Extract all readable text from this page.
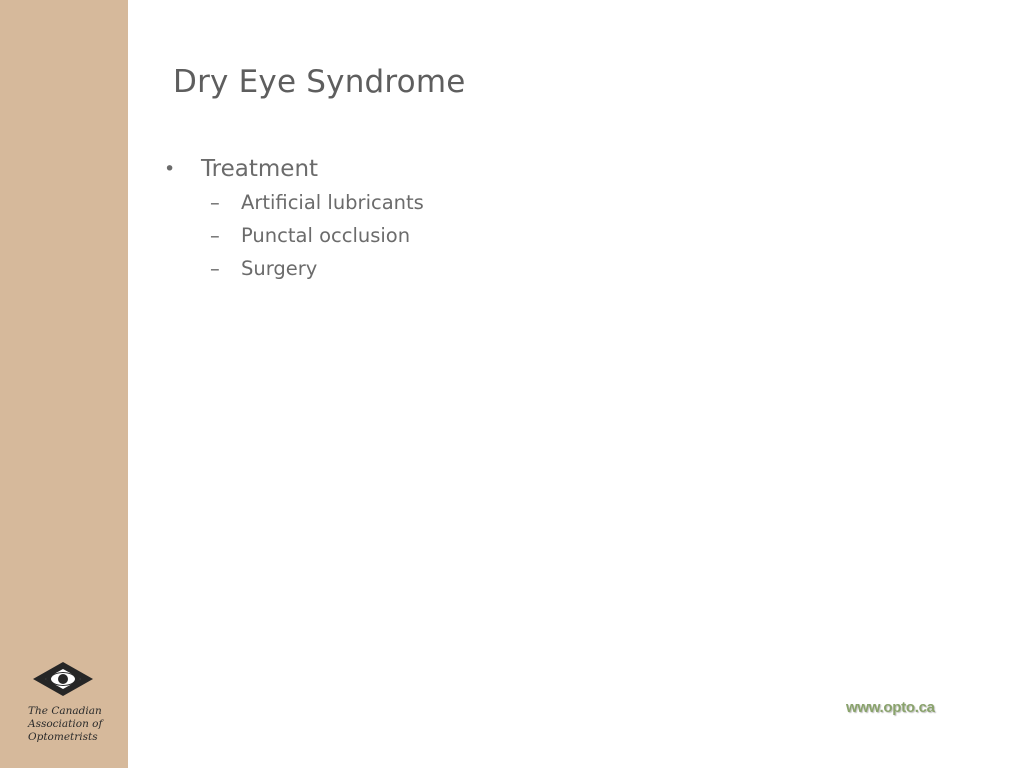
Dry Eye Syndrome
• Treatment
– Artificial lubricants
– Punctal occlusion
– Surgery
The Canadian
Association of
Optometrists
www.opto.ca
